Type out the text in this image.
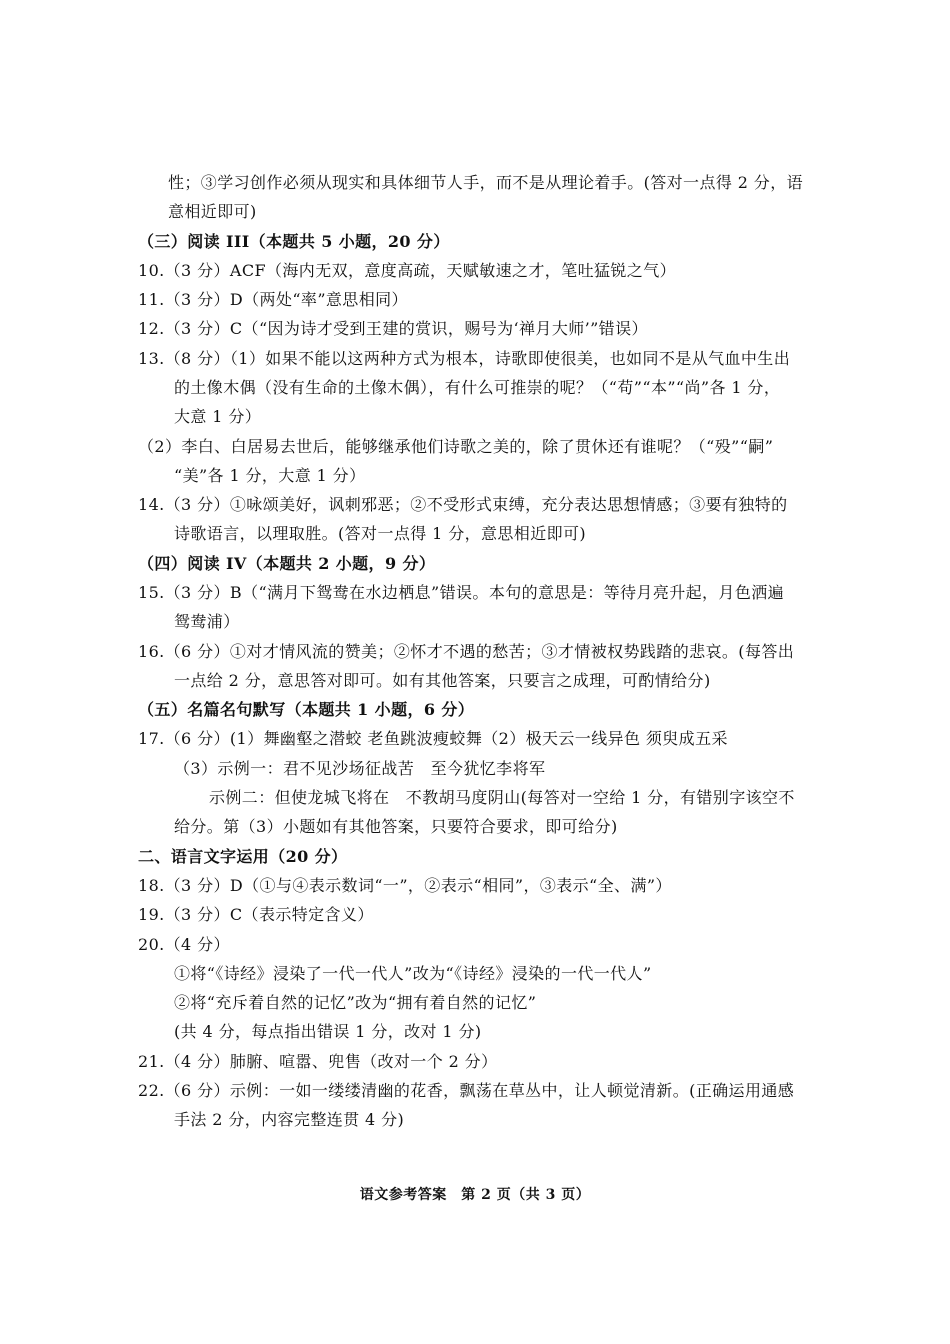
性；③学习创作必须从现实和具体细节人手，而不是从理论着手。(答对一点得 2 分，语
意相近即可)
（三）阅读 III（本题共 5 小题，20 分）
10.（3 分）ACF（海内无双，意度高疏，天赋敏速之才，笔吐猛锐之气）
11.（3 分）D（两处“率”意思相同）
12.（3 分）C（“因为诗才受到王建的赏识，赐号为‘禅月大师’”错误）
13.（8 分）（1）如果不能以这两种方式为根本，诗歌即使很美，也如同不是从气血中生出
的土像木偶（没有生命的土像木偶），有什么可推崇的呢？（“苟”“本”“尚”各 1 分，
大意 1 分）
（2）李白、白居易去世后，能够继承他们诗歌之美的，除了贯休还有谁呢？（“殁”“嗣”
“美”各 1 分，大意 1 分）
14.（3 分）①咏颂美好，讽刺邪恶；②不受形式束缚，充分表达思想情感；③要有独特的
诗歌语言，以理取胜。(答对一点得 1 分，意思相近即可)
（四）阅读 IV（本题共 2 小题，9 分）
15.（3 分）B（“满月下鸳鸯在水边栖息”错误。本句的意思是：等待月亮升起，月色洒遍
鸳鸯浦）
16.（6 分）①对才情风流的赞美；②怀才不遇的愁苦；③才情被权势践踏的悲哀。(每答出
一点给 2 分，意思答对即可。如有其他答案，只要言之成理，可酌情给分)
（五）名篇名句默写（本题共 1 小题，6 分）
17.（6 分）(1）舞幽壑之潜蛟 老鱼跳波瘦蛟舞（2）极天云一线异色 须臾成五采
（3）示例一：君不见沙场征战苦　至今犹忆李将军
示例二：但使龙城飞将在　不教胡马度阴山(每答对一空给 1 分，有错别字该空不
给分。第（3）小题如有其他答案，只要符合要求，即可给分)
二、语言文字运用（20 分）
18.（3 分）D（①与④表示数词“一”，②表示“相同”，③表示“全、满”）
19.（3 分）C（表示特定含义）
20.（4 分）
①将“《诗经》浸染了一代一代人”改为“《诗经》浸染的一代一代人”
②将“充斥着自然的记忆”改为“拥有着自然的记忆”
(共 4 分，每点指出错误 1 分，改对 1 分)
21.（4 分）肺腑、喧嚣、兜售（改对一个 2 分）
22.（6 分）示例：一如一缕缕清幽的花香，飘荡在草丛中，让人顿觉清新。(正确运用通感
手法 2 分，内容完整连贯 4 分)
语文参考答案　第 2 页（共 3 页）
